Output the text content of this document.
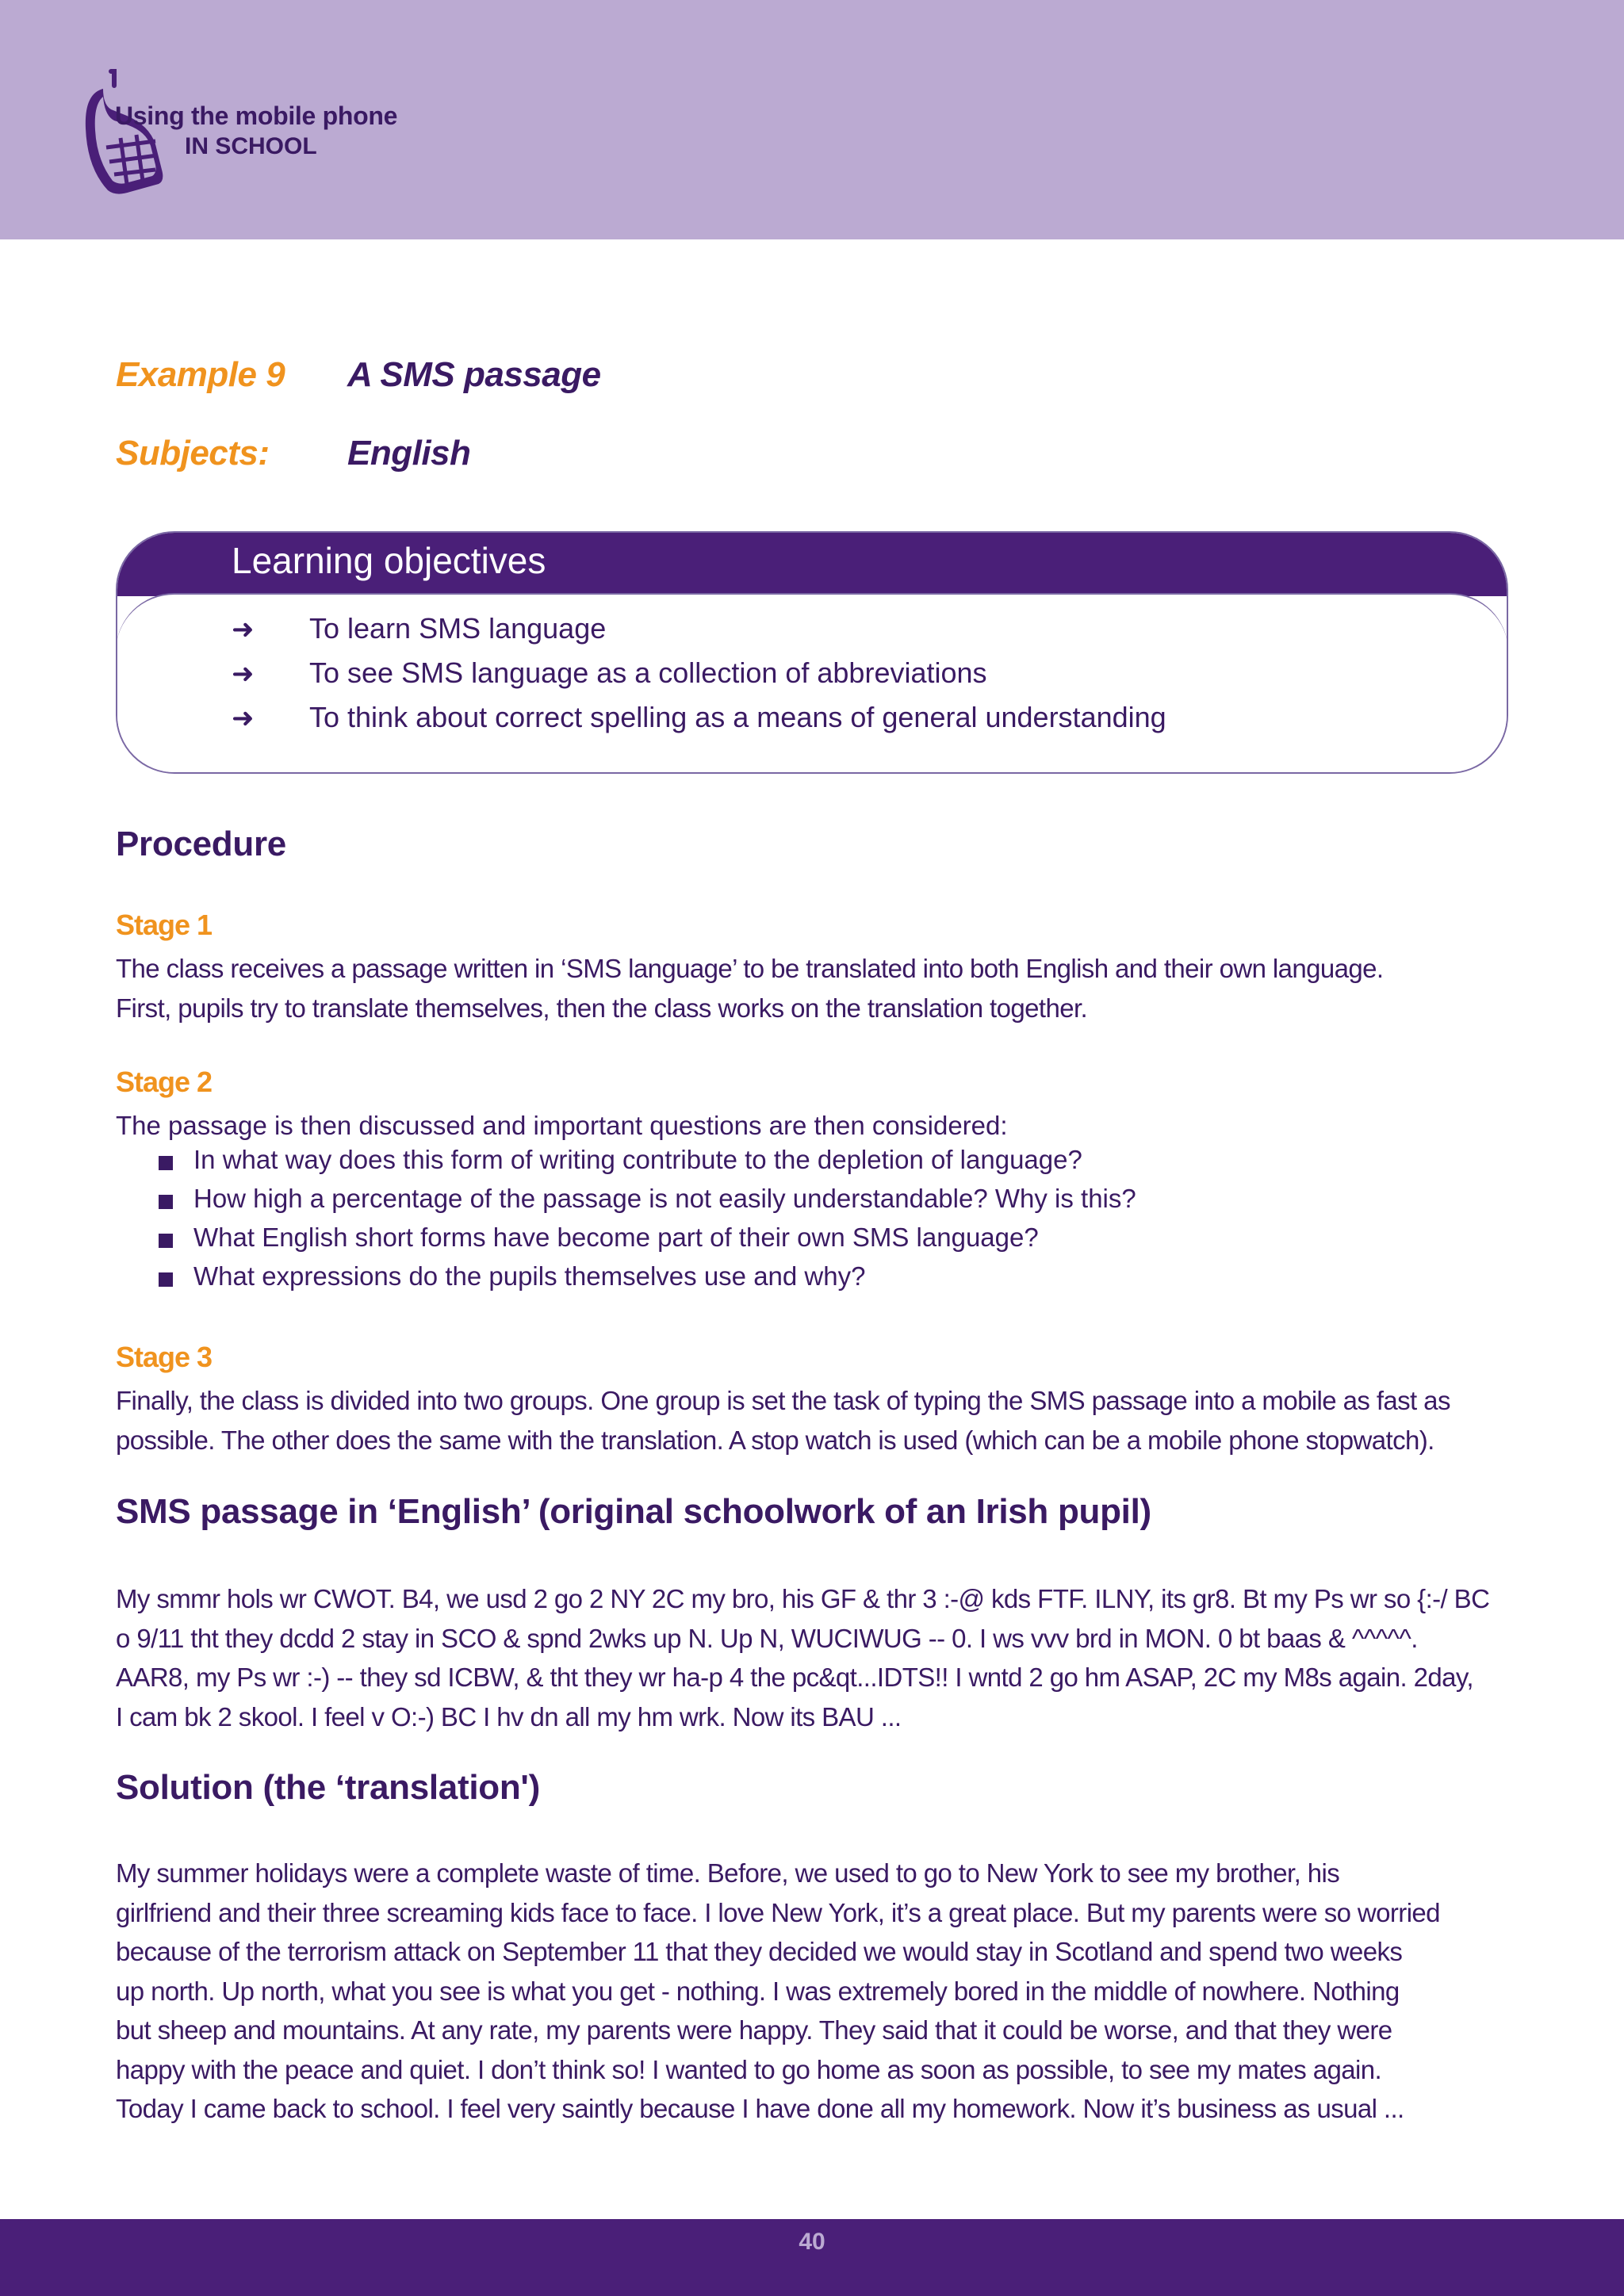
Using the mobile phone
IN SCHOOL
Example 9 A SMS passage
Subjects: English
Learning objectives
➜ To learn SMS language
➜ To see SMS language as a collection of abbreviations
➜ To think about correct spelling as a means of general understanding
Procedure
Stage 1
The class receives a passage written in ‘SMS language’ to be translated into both English and their own language.
First, pupils try to translate themselves, then the class works on the translation together.
Stage 2
The passage is then discussed and important questions are then considered:
In what way does this form of writing contribute to the depletion of language?
How high a percentage of the passage is not easily understandable? Why is this?
What English short forms have become part of their own SMS language?
What expressions do the pupils themselves use and why?
Stage 3
Finally, the class is divided into two groups. One group is set the task of typing the SMS passage into a mobile as fast as
possible. The other does the same with the translation. A stop watch is used (which can be a mobile phone stopwatch).
SMS passage in ‘English’ (original schoolwork of an Irish pupil)
My smmr hols wr CWOT. B4, we usd 2 go 2 NY 2C my bro, his GF & thr 3 :-@ kds FTF. ILNY, its gr8. Bt my Ps wr so {:-/ BC
o 9/11 tht they dcdd 2 stay in SCO & spnd 2wks up N. Up N, WUCIWUG -- 0. I ws vvv brd in MON. 0 bt baas & ^^^^^.
AAR8, my Ps wr :-) -- they sd ICBW, & tht they wr ha-p 4 the pc&qt...IDTS!! I wntd 2 go hm ASAP, 2C my M8s again. 2day,
I cam bk 2 skool. I feel v O:-) BC I hv dn all my hm wrk. Now its BAU ...
Solution (the ‘translation')
My summer holidays were a complete waste of time. Before, we used to go to New York to see my brother, his
girlfriend and their three screaming kids face to face. I love New York, it’s a great place. But my parents were so worried
because of the terrorism attack on September 11 that they decided we would stay in Scotland and spend two weeks
up north. Up north, what you see is what you get - nothing. I was extremely bored in the middle of nowhere. Nothing
but sheep and mountains. At any rate, my parents were happy. They said that it could be worse, and that they were
happy with the peace and quiet. I don’t think so! I wanted to go home as soon as possible, to see my mates again.
Today I came back to school. I feel very saintly because I have done all my homework. Now it’s business as usual ...
40
